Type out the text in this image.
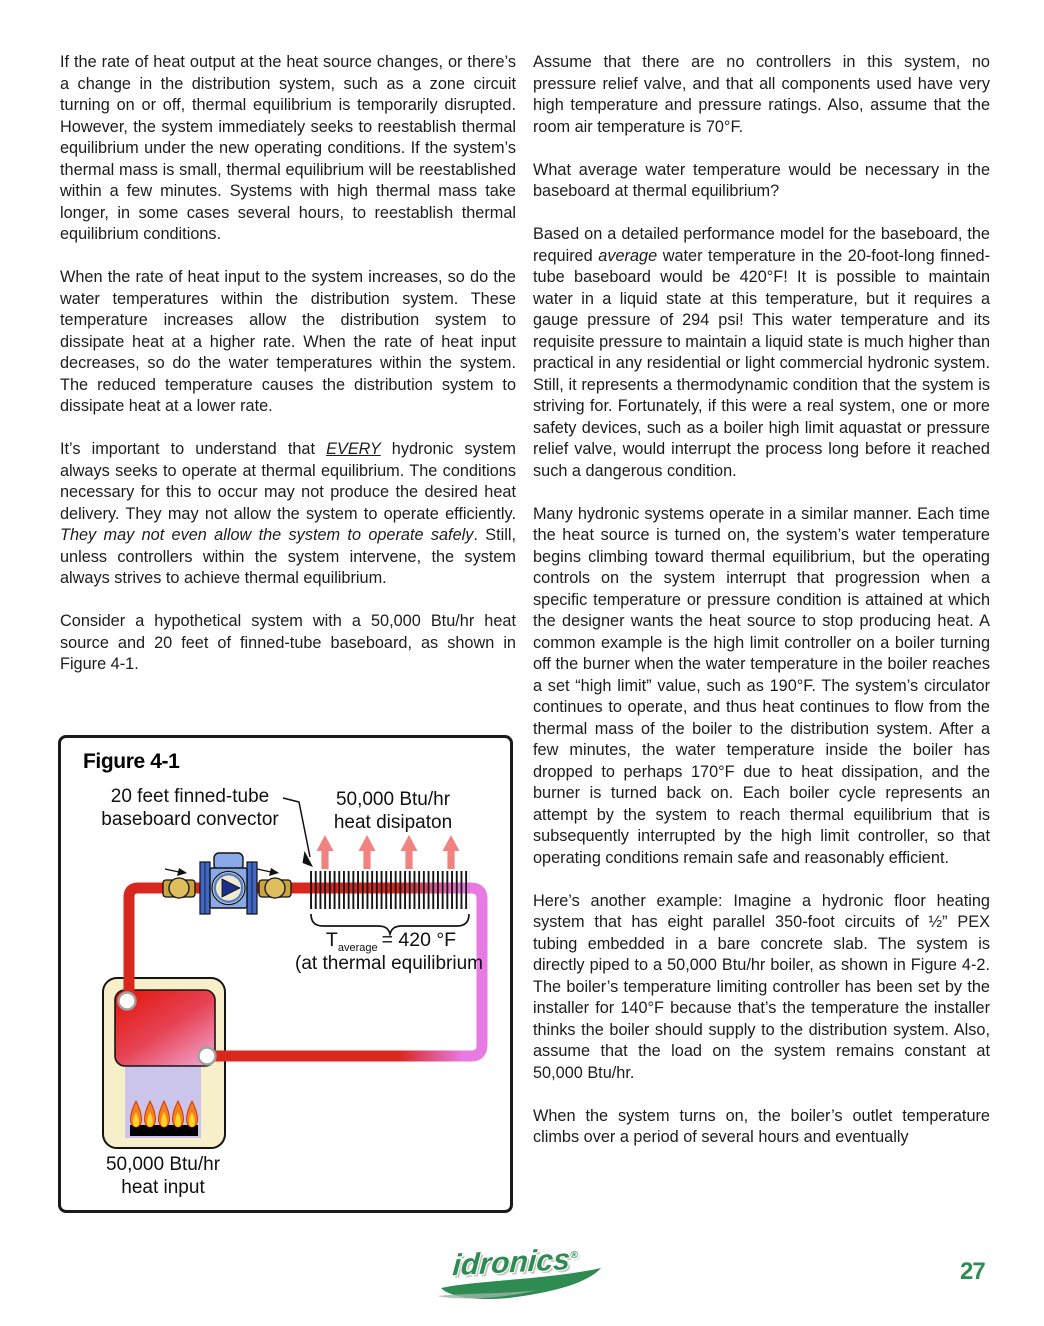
If the rate of heat output at the heat source changes, or there’s a change in the distribution system, such as a zone circuit turning on or off, thermal equilibrium is temporarily disrupted. However, the system immediately seeks to reestablish thermal equilibrium under the new operating conditions. If the system’s thermal mass is small, thermal equilibrium will be reestablished within a few minutes. Systems with high thermal mass take longer, in some cases several hours, to reestablish thermal equilibrium conditions.

When the rate of heat input to the system increases, so do the water temperatures within the distribution system. These temperature increases allow the distribution system to dissipate heat at a higher rate. When the rate of heat input decreases, so do the water temperatures within the system. The reduced temperature causes the distribution system to dissipate heat at a lower rate.

It’s important to understand that EVERY hydronic system always seeks to operate at thermal equilibrium. The conditions necessary for this to occur may not produce the desired heat delivery. They may not allow the system to operate efficiently. They may not even allow the system to operate safely. Still, unless controllers within the system intervene, the system always strives to achieve thermal equilibrium.

Consider a hypothetical system with a 50,000 Btu/hr heat source and 20 feet of finned-tube baseboard, as shown in Figure 4-1.

Assume that there are no controllers in this system, no pressure relief valve, and that all components used have very high temperature and pressure ratings. Also, assume that the room air temperature is 70°F.

What average water temperature would be necessary in the baseboard at thermal equilibrium?

Based on a detailed performance model for the baseboard, the required average water temperature in the 20-foot-long finned-tube baseboard would be 420°F! It is possible to maintain water in a liquid state at this temperature, but it requires a gauge pressure of 294 psi! This water temperature and its requisite pressure to maintain a liquid state is much higher than practical in any residential or light commercial hydronic system. Still, it represents a thermodynamic condition that the system is striving for. Fortunately, if this were a real system, one or more safety devices, such as a boiler high limit aquastat or pressure relief valve, would interrupt the process long before it reached such a dangerous condition.

Many hydronic systems operate in a similar manner. Each time the heat source is turned on, the system’s water temperature begins climbing toward thermal equilibrium, but the operating controls on the system interrupt that progression when a specific temperature or pressure condition is attained at which the designer wants the heat source to stop producing heat. A common example is the high limit controller on a boiler turning off the burner when the water temperature in the boiler reaches a set “high limit” value, such as 190°F. The system’s circulator continues to operate, and thus heat continues to flow from the thermal mass of the boiler to the distribution system. After a few minutes, the water temperature inside the boiler has dropped to perhaps 170°F due to heat dissipation, and the burner is turned back on. Each boiler cycle represents an attempt by the system to reach thermal equilibrium that is subsequently interrupted by the high limit controller, so that operating conditions remain safe and reasonably efficient.

Here’s another example: Imagine a hydronic floor heating system that has eight parallel 350-foot circuits of ½” PEX tubing embedded in a bare concrete slab. The system is directly piped to a 50,000 Btu/hr boiler, as shown in Figure 4-2. The boiler’s temperature limiting controller has been set by the installer for 140°F because that’s the temperature the installer thinks the boiler should supply to the distribution system. Also, assume that the load on the system remains constant at 50,000 Btu/hr.

When the system turns on, the boiler’s outlet temperature climbs over a period of several hours and eventually

Figure 4-1
20 feet finned-tube
baseboard convector
50,000 Btu/hr
heat disipaton
$T_{average} = 420$ °F
(at thermal equilibrium
50,000 Btu/hr
heat input
idronics®
27
